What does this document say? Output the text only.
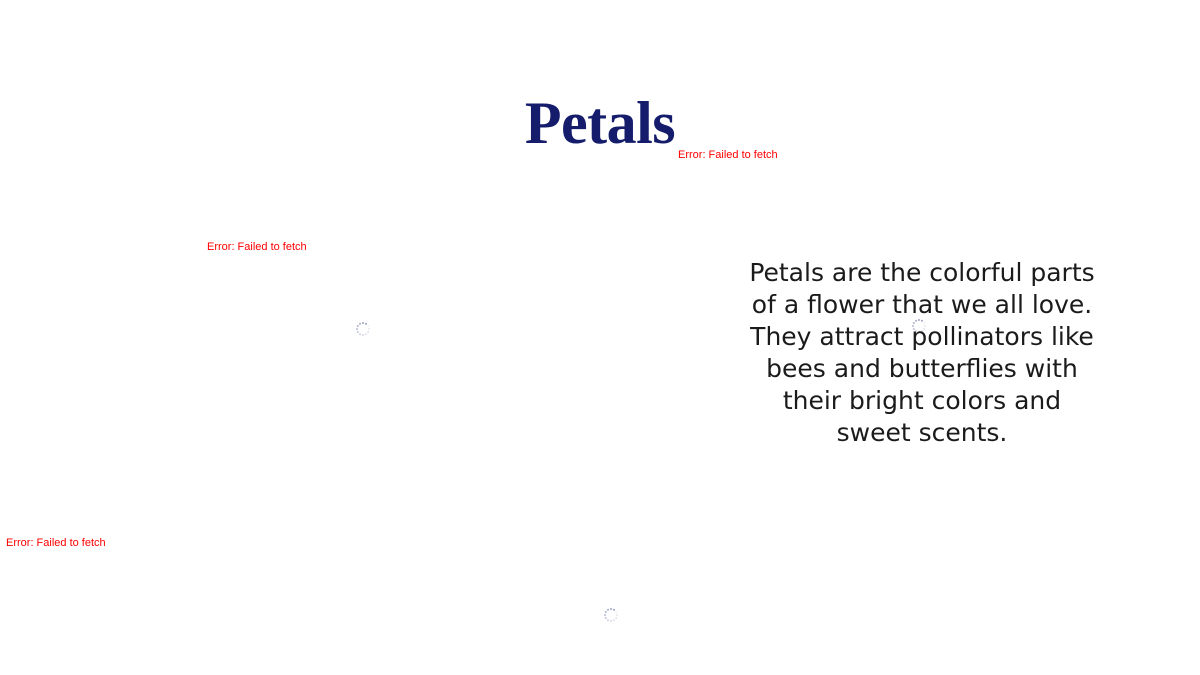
Petals Error: Failed to fetch
Error: Failed to fetch
Error: Failed to fetch

Petals are the colorful parts of a flower that we all love. They attract pollinators like bees and butterflies with their bright colors and sweet scents.
